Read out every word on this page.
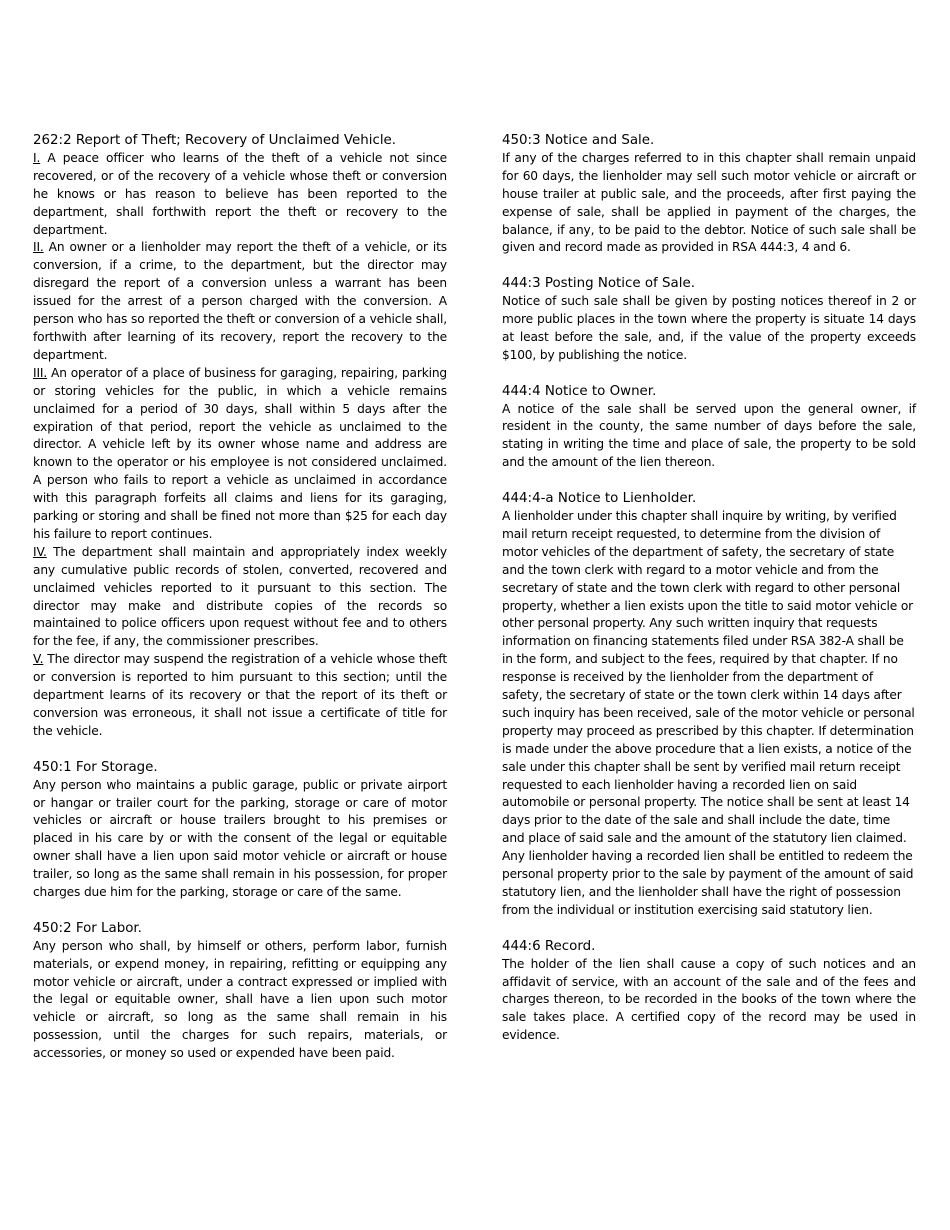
262:2 Report of Theft; Recovery of Unclaimed Vehicle.

I. A peace officer who learns of the theft of a vehicle not since recovered, or of the recovery of a vehicle whose theft or conversion he knows or has reason to believe has been reported to the department, shall forthwith report the theft or recovery to the department.

II. An owner or a lienholder may report the theft of a vehicle, or its conversion, if a crime, to the department, but the director may disregard the report of a conversion unless a warrant has been issued for the arrest of a person charged with the conversion. A person who has so reported the theft or conversion of a vehicle shall, forthwith after learning of its recovery, report the recovery to the department.

III. An operator of a place of business for garaging, repairing, parking or storing vehicles for the public, in which a vehicle remains unclaimed for a period of 30 days, shall within 5 days after the expiration of that period, report the vehicle as unclaimed to the director. A vehicle left by its owner whose name and address are known to the operator or his employee is not considered unclaimed. A person who fails to report a vehicle as unclaimed in accordance with this paragraph forfeits all claims and liens for its garaging, parking or storing and shall be fined not more than $25 for each day his failure to report continues.

IV. The department shall maintain and appropriately index weekly any cumulative public records of stolen, converted, recovered and unclaimed vehicles reported to it pursuant to this section. The director may make and distribute copies of the records so maintained to police officers upon request without fee and to others for the fee, if any, the commissioner prescribes.

V. The director may suspend the registration of a vehicle whose theft or conversion is reported to him pursuant to this section; until the department learns of its recovery or that the report of its theft or conversion was erroneous, it shall not issue a certificate of title for the vehicle.

450:1 For Storage.

Any person who maintains a public garage, public or private airport or hangar or trailer court for the parking, storage or care of motor vehicles or aircraft or house trailers brought to his premises or placed in his care by or with the consent of the legal or equitable owner shall have a lien upon said motor vehicle or aircraft or house trailer, so long as the same shall remain in his possession, for proper charges due him for the parking, storage or care of the same.

450:2 For Labor.

Any person who shall, by himself or others, perform labor, furnish materials, or expend money, in repairing, refitting or equipping any motor vehicle or aircraft, under a contract expressed or implied with the legal or equitable owner, shall have a lien upon such motor vehicle or aircraft, so long as the same shall remain in his possession, until the charges for such repairs, materials, or accessories, or money so used or expended have been paid.

450:3 Notice and Sale.

If any of the charges referred to in this chapter shall remain unpaid for 60 days, the lienholder may sell such motor vehicle or aircraft or house trailer at public sale, and the proceeds, after first paying the expense of sale, shall be applied in payment of the charges, the balance, if any, to be paid to the debtor. Notice of such sale shall be given and record made as provided in RSA 444:3, 4 and 6.

444:3 Posting Notice of Sale.

Notice of such sale shall be given by posting notices thereof in 2 or more public places in the town where the property is situate 14 days at least before the sale, and, if the value of the property exceeds $100, by publishing the notice.

444:4 Notice to Owner.

A notice of the sale shall be served upon the general owner, if resident in the county, the same number of days before the sale, stating in writing the time and place of sale, the property to be sold and the amount of the lien thereon.

444:4-a Notice to Lienholder.

A lienholder under this chapter shall inquire by writing, by verified mail return receipt requested, to determine from the division of motor vehicles of the department of safety, the secretary of state and the town clerk with regard to a motor vehicle and from the secretary of state and the town clerk with regard to other personal property, whether a lien exists upon the title to said motor vehicle or other personal property. Any such written inquiry that requests information on financing statements filed under RSA 382-A shall be in the form, and subject to the fees, required by that chapter. If no response is received by the lienholder from the department of safety, the secretary of state or the town clerk within 14 days after such inquiry has been received, sale of the motor vehicle or personal property may proceed as prescribed by this chapter. If determination is made under the above procedure that a lien exists, a notice of the sale under this chapter shall be sent by verified mail return receipt requested to each lienholder having a recorded lien on said automobile or personal property. The notice shall be sent at least 14 days prior to the date of the sale and shall include the date, time and place of said sale and the amount of the statutory lien claimed. Any lienholder having a recorded lien shall be entitled to redeem the personal property prior to the sale by payment of the amount of said statutory lien, and the lienholder shall have the right of possession from the individual or institution exercising said statutory lien.

444:6 Record.

The holder of the lien shall cause a copy of such notices and an affidavit of service, with an account of the sale and of the fees and charges thereon, to be recorded in the books of the town where the sale takes place. A certified copy of the record may be used in evidence.
